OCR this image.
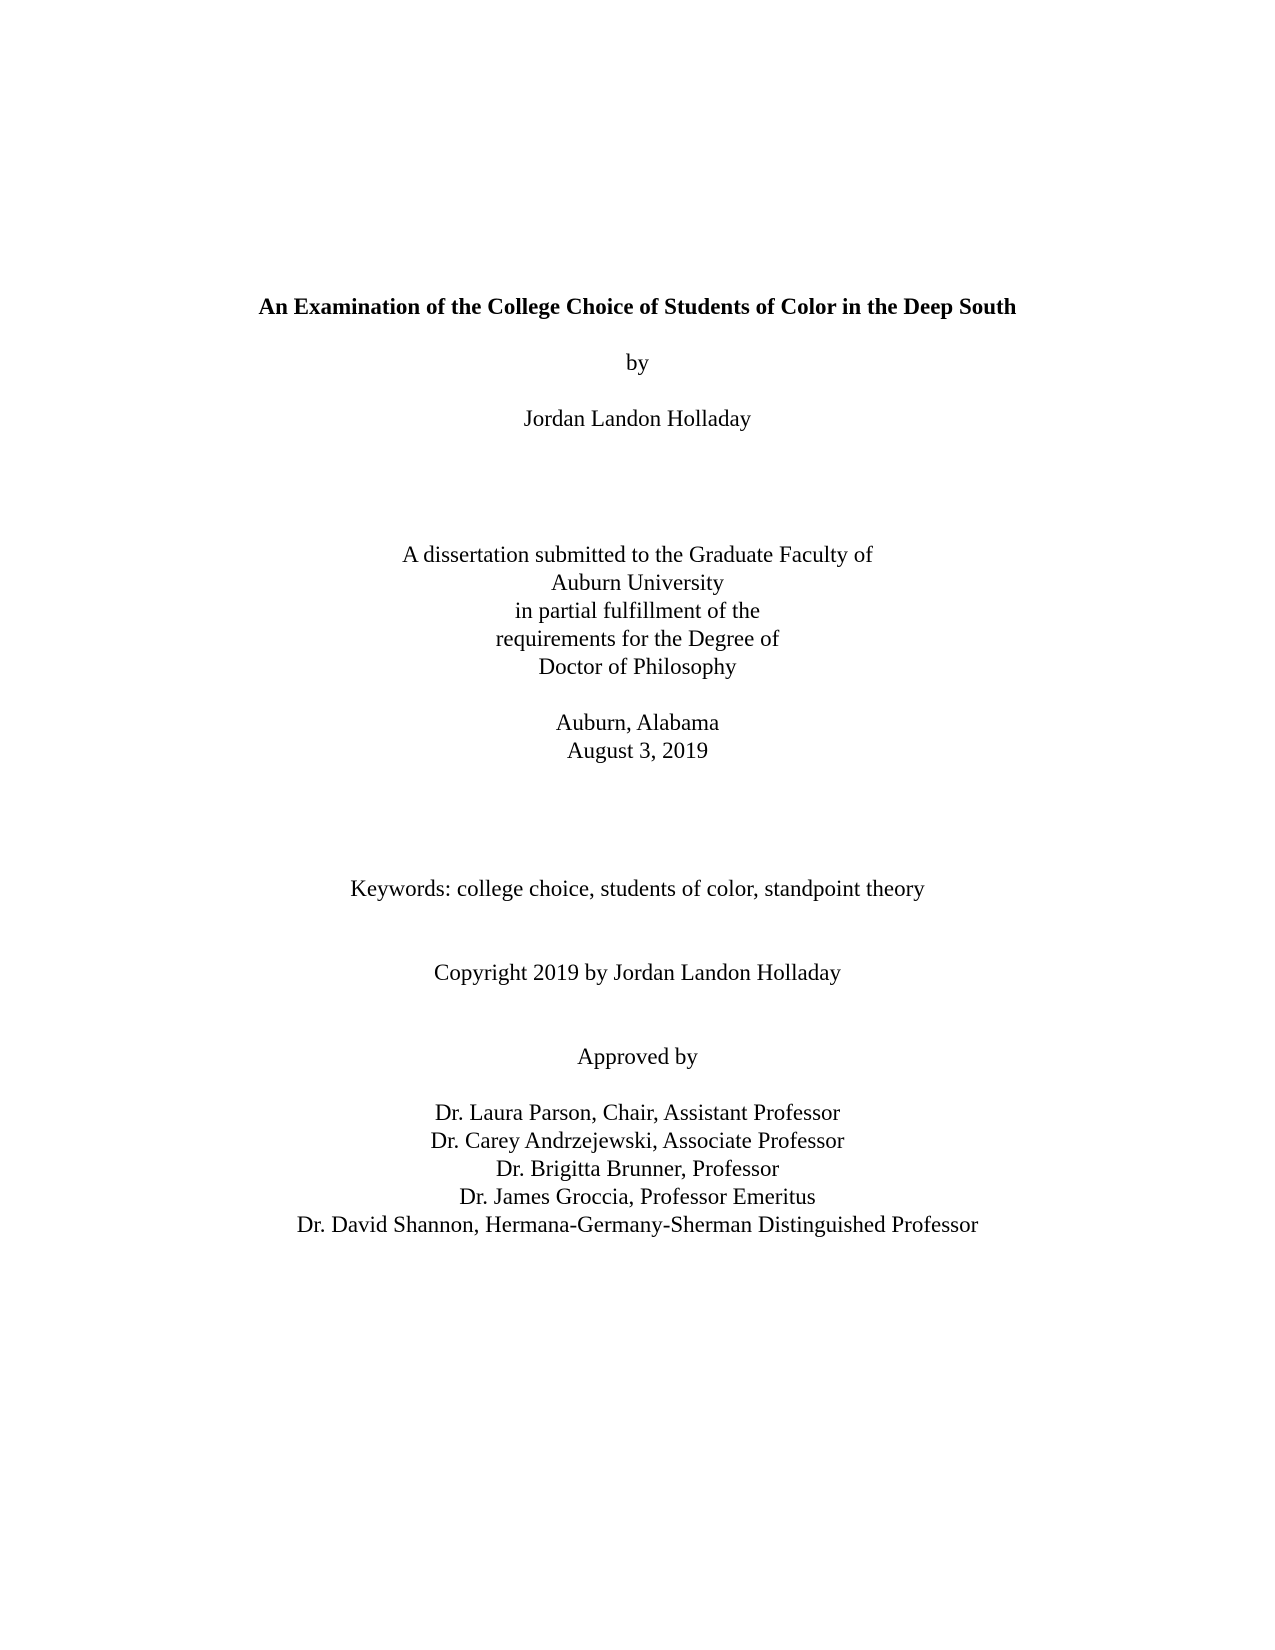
An Examination of the College Choice of Students of Color in the Deep South
by
Jordan Landon Holladay
A dissertation submitted to the Graduate Faculty of
Auburn University
in partial fulfillment of the
requirements for the Degree of
Doctor of Philosophy
Auburn, Alabama
August 3, 2019
Keywords: college choice, students of color, standpoint theory
Copyright 2019 by Jordan Landon Holladay
Approved by
Dr. Laura Parson, Chair, Assistant Professor
Dr. Carey Andrzejewski, Associate Professor
Dr. Brigitta Brunner, Professor
Dr. James Groccia, Professor Emeritus
Dr. David Shannon, Hermana-Germany-Sherman Distinguished Professor
